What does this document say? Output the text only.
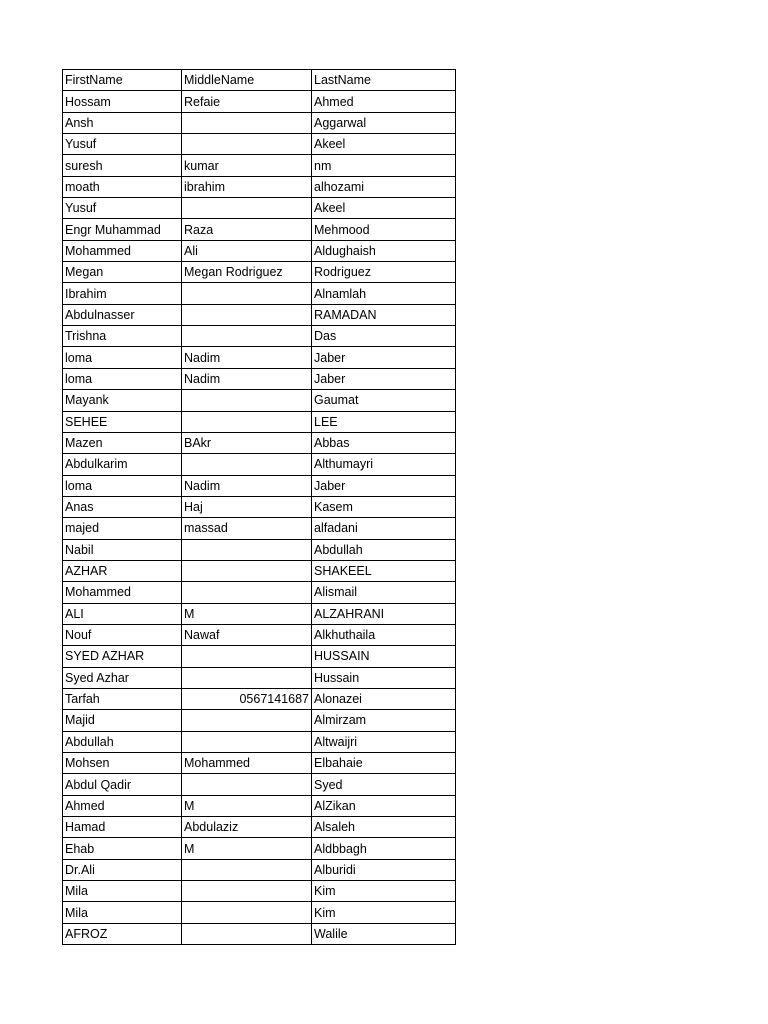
FirstName	MiddleName	LastName
Hossam	Refaie	Ahmed
Ansh		Aggarwal
Yusuf		Akeel
suresh	kumar	nm
moath	ibrahim	alhozami
Yusuf		Akeel
Engr Muhammad	Raza	Mehmood
Mohammed	Ali	Aldughaish
Megan	Megan Rodriguez	Rodriguez
Ibrahim		Alnamlah
Abdulnasser		RAMADAN
Trishna		Das
loma	Nadim	Jaber
loma	Nadim	Jaber
Mayank		Gaumat
SEHEE		LEE
Mazen	BAkr	Abbas
Abdulkarim		Althumayri
loma	Nadim	Jaber
Anas	Haj	Kasem
majed	massad	alfadani
Nabil		Abdullah
AZHAR		SHAKEEL
Mohammed		Alismail
ALI	M	ALZAHRANI
Nouf	Nawaf	Alkhuthaila
SYED AZHAR		HUSSAIN
Syed Azhar		Hussain
Tarfah	0567141687	Alonazei
Majid		Almirzam
Abdullah		Altwaijri
Mohsen	Mohammed	Elbahaie
Abdul Qadir		Syed
Ahmed	M	AlZikan
Hamad	Abdulaziz	Alsaleh
Ehab	M	Aldbbagh
Dr.Ali		Alburidi
Mila		Kim
Mila		Kim
AFROZ		Walile
